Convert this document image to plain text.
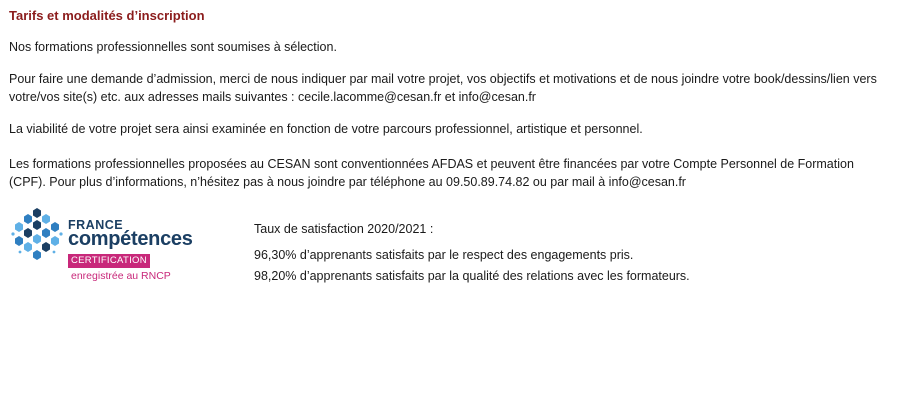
Tarifs et modalités d’inscription

Nos formations professionnelles sont soumises à sélection.

Pour faire une demande d’admission, merci de nous indiquer par mail votre projet, vos objectifs et motivations et de nous joindre votre book/dessins/lien vers votre/vos site(s) etc. aux adresses mails suivantes : cecile.lacomme@cesan.fr et info@cesan.fr

La viabilité de votre projet sera ainsi examinée en fonction de votre parcours professionnel, artistique et personnel.

Les formations professionnelles proposées au CESAN sont conventionnées AFDAS et peuvent être financées par votre Compte Personnel de Formation (CPF). Pour plus d’informations, n’hésitez pas à nous joindre par téléphone au 09.50.89.74.82 ou par mail à info@cesan.fr

FRANCE
compétences
CERTIFICATION
enregistrée au RNCP
Taux de satisfaction 2020/2021 :
96,30% d’apprenants satisfaits par le respect des engagements pris.
98,20% d’apprenants satisfaits par la qualité des relations avec les formateurs.
